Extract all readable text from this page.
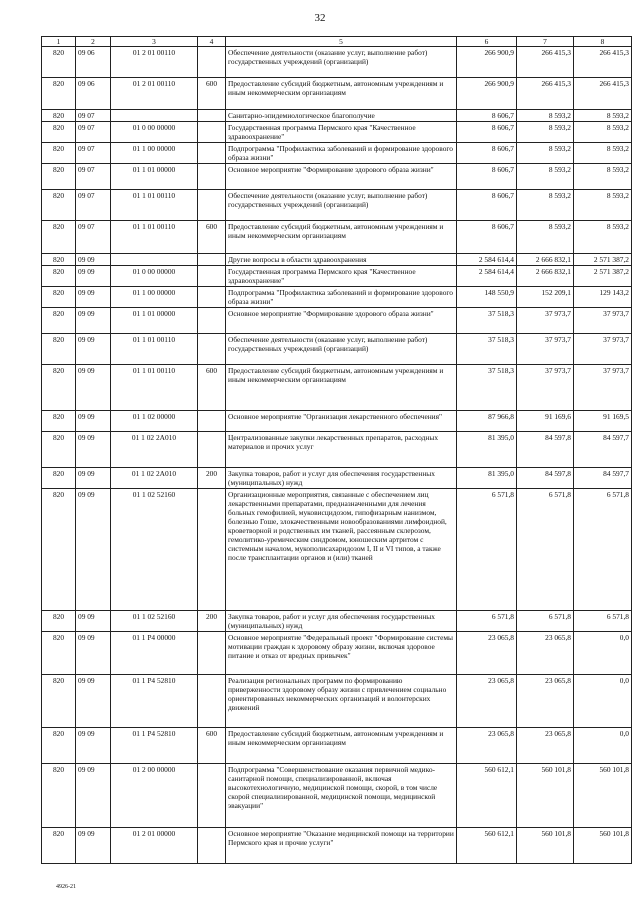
32
1	2	3	4	5	6	7	8
820	09 06	01 2 01 00110		Обеспечение деятельности (оказание услуг, выполнение работ) государственных учреждений (организаций)	266 900,9	266 415,3	266 415,3
820	09 06	01 2 01 00110	600	Предоставление субсидий бюджетным, автономным учреждениям и иным некоммерческим организациям	266 900,9	266 415,3	266 415,3
820	09 07			Санитарно-эпидемиологическое благополучие	8 606,7	8 593,2	8 593,2
820	09 07	01 0 00 00000		Государственная программа Пермского края "Качественное здравоохранение"	8 606,7	8 593,2	8 593,2
820	09 07	01 1 00 00000		Подпрограмма "Профилактика заболеваний и формирование здорового образа жизни"	8 606,7	8 593,2	8 593,2
820	09 07	01 1 01 00000		Основное мероприятие "Формирование здорового образа жизни"	8 606,7	8 593,2	8 593,2
820	09 07	01 1 01 00110		Обеспечение деятельности (оказание услуг, выполнение работ) государственных учреждений (организаций)	8 606,7	8 593,2	8 593,2
820	09 07	01 1 01 00110	600	Предоставление субсидий бюджетным, автономным учреждениям и иным некоммерческим организациям	8 606,7	8 593,2	8 593,2
820	09 09			Другие вопросы в области здравоохранения	2 584 614,4	2 666 832,1	2 571 387,2
820	09 09	01 0 00 00000		Государственная программа Пермского края "Качественное здравоохранение"	2 584 614,4	2 666 832,1	2 571 387,2
820	09 09	01 1 00 00000		Подпрограмма "Профилактика заболеваний и формирование здорового образа жизни"	148 550,9	152 209,1	129 143,2
820	09 09	01 1 01 00000		Основное мероприятие "Формирование здорового образа жизни"	37 518,3	37 973,7	37 973,7
820	09 09	01 1 01 00110		Обеспечение деятельности (оказание услуг, выполнение работ) государственных учреждений (организаций)	37 518,3	37 973,7	37 973,7
820	09 09	01 1 01 00110	600	Предоставление субсидий бюджетным, автономным учреждениям и иным некоммерческим организациям	37 518,3	37 973,7	37 973,7
820	09 09	01 1 02 00000		Основное мероприятие "Организация лекарственного обеспечения"	87 966,8	91 169,6	91 169,5
820	09 09	01 1 02 2А010		Централизованные закупки лекарственных препаратов, расходных материалов и прочих услуг	81 395,0	84 597,8	84 597,7
820	09 09	01 1 02 2А010	200	Закупка товаров, работ и услуг для обеспечения государственных (муниципальных) нужд	81 395,0	84 597,8	84 597,7
820	09 09	01 1 02 52160		Организационные мероприятия, связанные с обеспечением лиц лекарственными препаратами, предназначенными для лечения больных гемофилией, муковисцидозом, гипофизарным нанизмом, болезнью Гоше, злокачественными новообразованиями лимфоидной, кроветворной и родственных им тканей, рассеянным склерозом, гемолитико-уремическим синдромом, юношеским артритом с системным началом, мукополисахаридозом I, II и VI типов, а также после трансплантации органов и (или) тканей	6 571,8	6 571,8	6 571,8
820	09 09	01 1 02 52160	200	Закупка товаров, работ и услуг для обеспечения государственных (муниципальных) нужд	6 571,8	6 571,8	6 571,8
820	09 09	01 1 Р4 00000		Основное мероприятие "Федеральный проект "Формирование системы мотивации граждан к здоровому образу жизни, включая здоровое питание и отказ от вредных привычек"	23 065,8	23 065,8	0,0
820	09 09	01 1 Р4 52810		Реализация региональных программ по формированию приверженности здоровому образу жизни с привлечением социально ориентированных некоммерческих организаций и волонтерских движений	23 065,8	23 065,8	0,0
820	09 09	01 1 Р4 52810	600	Предоставление субсидий бюджетным, автономным учреждениям и иным некоммерческим организациям	23 065,8	23 065,8	0,0
820	09 09	01 2 00 00000		Подпрограмма "Совершенствование оказания первичной медико-санитарной помощи, специализированной, включая высокотехнологичную, медицинской помощи, скорой, в том числе скорой специализированной, медицинской помощи, медицинской эвакуации"	560 612,1	560 101,8	560 101,8
820	09 09	01 2 01 00000		Основное мероприятие "Оказание медицинской помощи на территории Пермского края и прочие услуги"	560 612,1	560 101,8	560 101,8
4926-21
